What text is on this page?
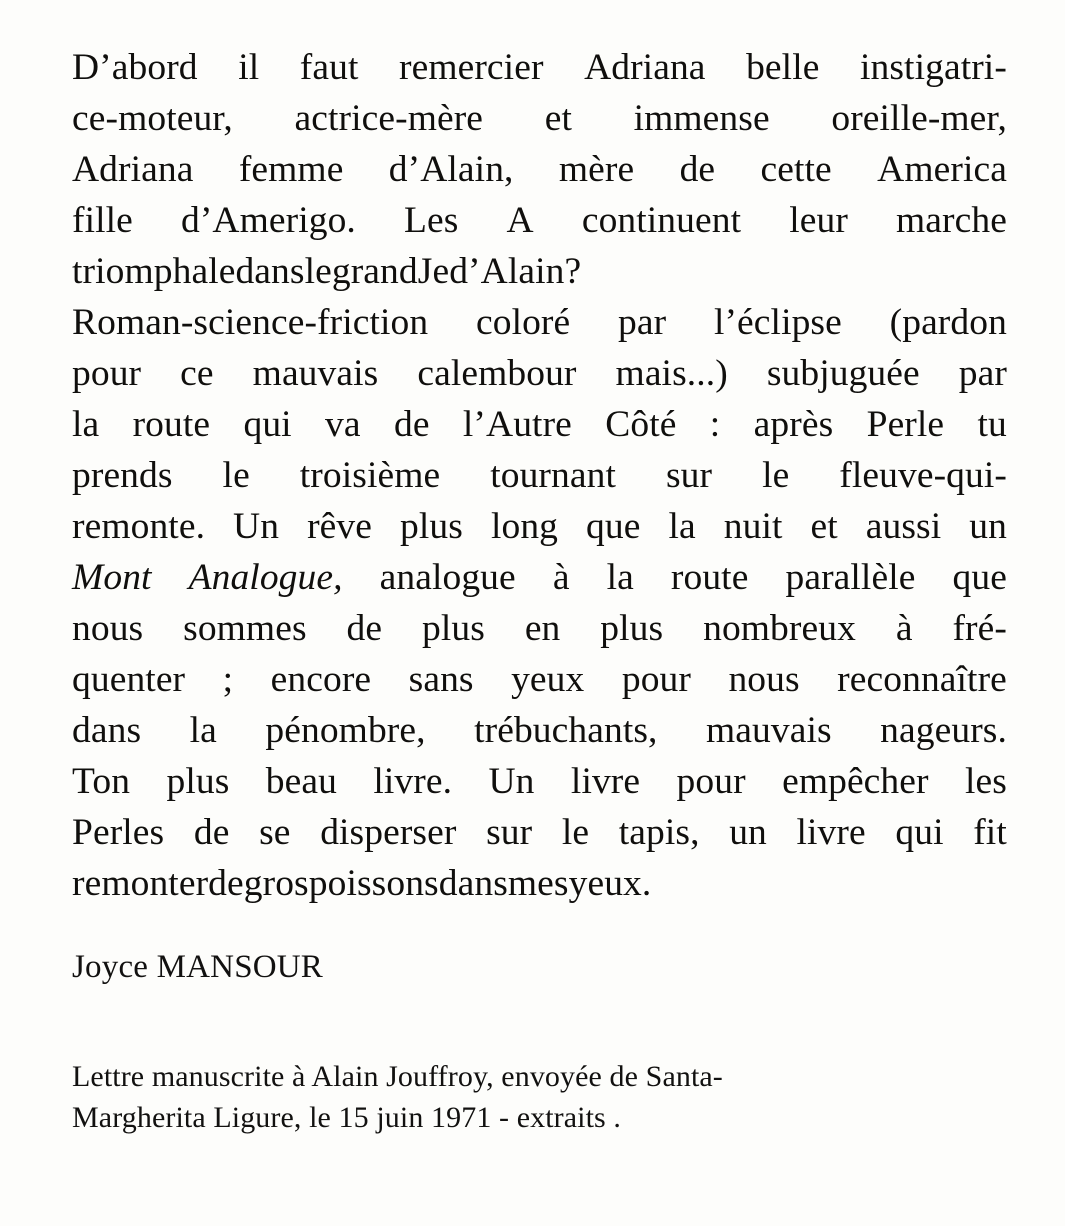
D’abord il faut remercier Adriana belle instigatri-
ce-moteur, actrice-mère et immense oreille-mer,
Adriana femme d’Alain, mère de cette America
fille d’Amerigo. Les A continuent leur marche
triomphale dans le grand Je d’Alain ?
Roman-science-friction coloré par l’éclipse (pardon
pour ce mauvais calembour mais...) subjuguée par
la route qui va de l’Autre Côté : après Perle tu
prends le troisième tournant sur le fleuve-qui-
remonte. Un rêve plus long que la nuit et aussi un
Mont Analogue, analogue à la route parallèle que
nous sommes de plus en plus nombreux à fré-
quenter ; encore sans yeux pour nous reconnaître
dans la pénombre, trébuchants, mauvais nageurs.
Ton plus beau livre. Un livre pour empêcher les
Perles de se disperser sur le tapis, un livre qui fit
remonter de gros poissons dans mes yeux.
Joyce MANSOUR
Lettre manuscrite à Alain Jouffroy, envoyée de Santa-
Margherita Ligure, le 15 juin 1971 - extraits .
